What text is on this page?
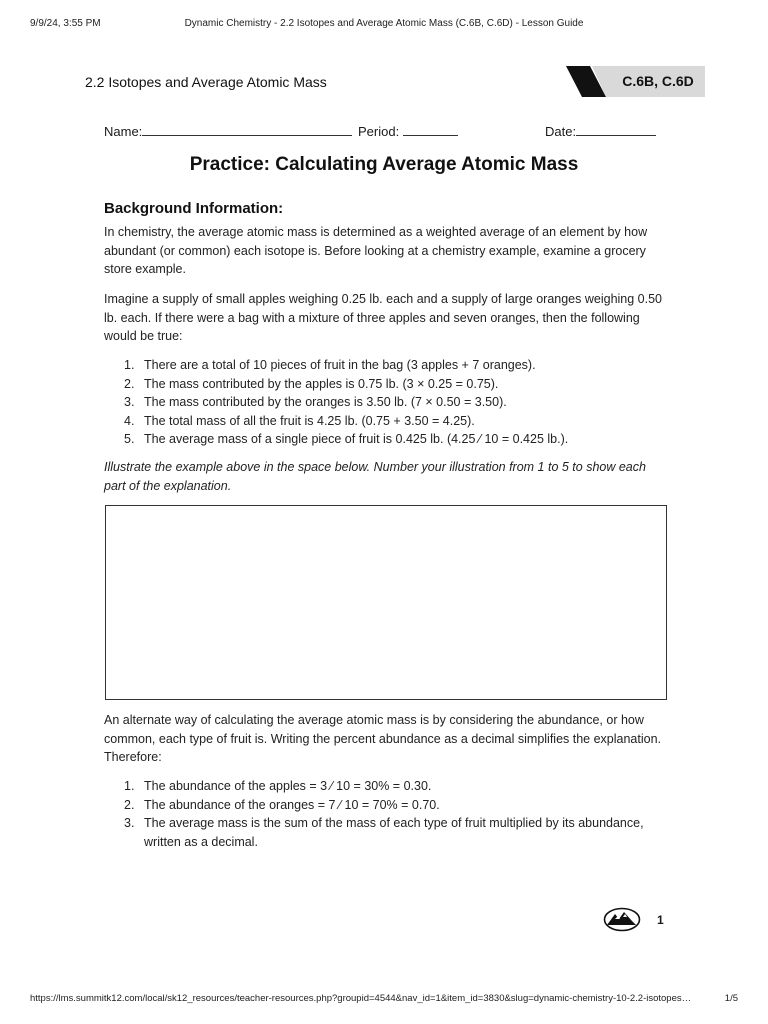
9/9/24, 3:55 PM	Dynamic Chemistry - 2.2 Isotopes and Average Atomic Mass (C.6B, C.6D) - Lesson Guide
2.2 Isotopes and Average Atomic Mass	C.6B, C.6D
Name:	Period:	Date:
Practice: Calculating Average Atomic Mass
Background Information:

In chemistry, the average atomic mass is determined as a weighted average of an element by how abundant (or common) each isotope is. Before looking at a chemistry example, examine a grocery store example.

Imagine a supply of small apples weighing 0.25 lb. each and a supply of large oranges weighing 0.50 lb. each. If there were a bag with a mixture of three apples and seven oranges, then the following would be true:

1. There are a total of 10 pieces of fruit in the bag (3 apples + 7 oranges).
2. The mass contributed by the apples is 0.75 lb. (3 × 0.25 = 0.75).
3. The mass contributed by the oranges is 3.50 lb. (7 × 0.50 = 3.50).
4. The total mass of all the fruit is 4.25 lb. (0.75 + 3.50 = 4.25).
5. The average mass of a single piece of fruit is 0.425 lb. (4.25 ⁄ 10 = 0.425 lb.).

Illustrate the example above in the space below. Number your illustration from 1 to 5 to show each part of the explanation.

An alternate way of calculating the average atomic mass is by considering the abundance, or how common, each type of fruit is. Writing the percent abundance as a decimal simplifies the explanation. Therefore:

1. The abundance of the apples = 3 ⁄ 10 = 30% = 0.30.
2. The abundance of the oranges = 7 ⁄ 10 = 70% = 0.70.
3. The average mass is the sum of the mass of each type of fruit multiplied by its abundance, written as a decimal.
1
https://lms.summitk12.com/local/sk12_resources/teacher-resources.php?groupid=4544&nav_id=1&item_id=3830&slug=dynamic-chemistry-10-2.2-isotopes…	1/5
